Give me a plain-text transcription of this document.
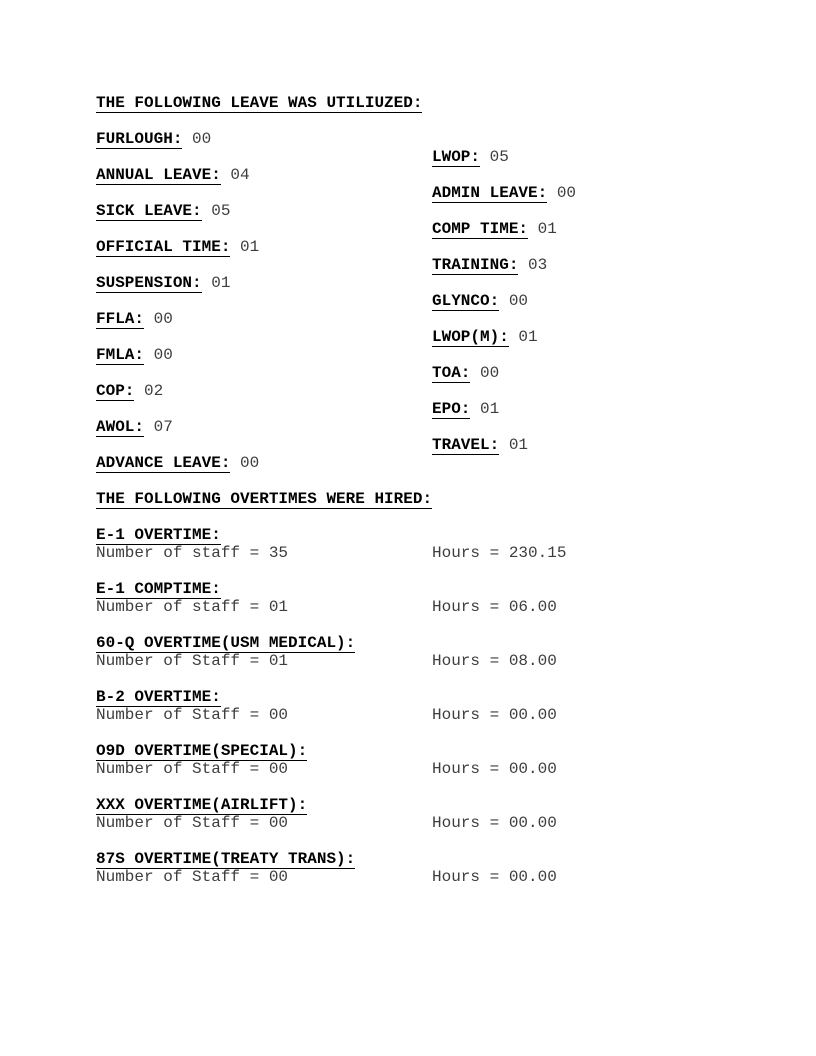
THE FOLLOWING LEAVE WAS UTILIUZED:
FURLOUGH: 00
ANNUAL LEAVE: 04
SICK LEAVE: 05
OFFICIAL TIME: 01
SUSPENSION: 01
FFLA: 00
FMLA: 00
COP: 02
AWOL: 07
ADVANCE LEAVE: 00
LWOP: 05
ADMIN LEAVE: 00
COMP TIME: 01
TRAINING: 03
GLYNCO: 00
LWOP(M): 01
TOA: 00
EPO: 01
TRAVEL: 01
THE FOLLOWING OVERTIMES WERE HIRED:
E-1 OVERTIME:
Number of staff = 35	Hours = 230.15
E-1 COMPTIME:
Number of staff = 01	Hours = 06.00
60-Q OVERTIME(USM MEDICAL):
Number of Staff = 01	Hours = 08.00
B-2 OVERTIME:
Number of Staff = 00	Hours = 00.00
O9D OVERTIME(SPECIAL):
Number of Staff = 00	Hours = 00.00
XXX OVERTIME(AIRLIFT):
Number of Staff = 00	Hours = 00.00
87S OVERTIME(TREATY TRANS):
Number of Staff = 00	Hours = 00.00
